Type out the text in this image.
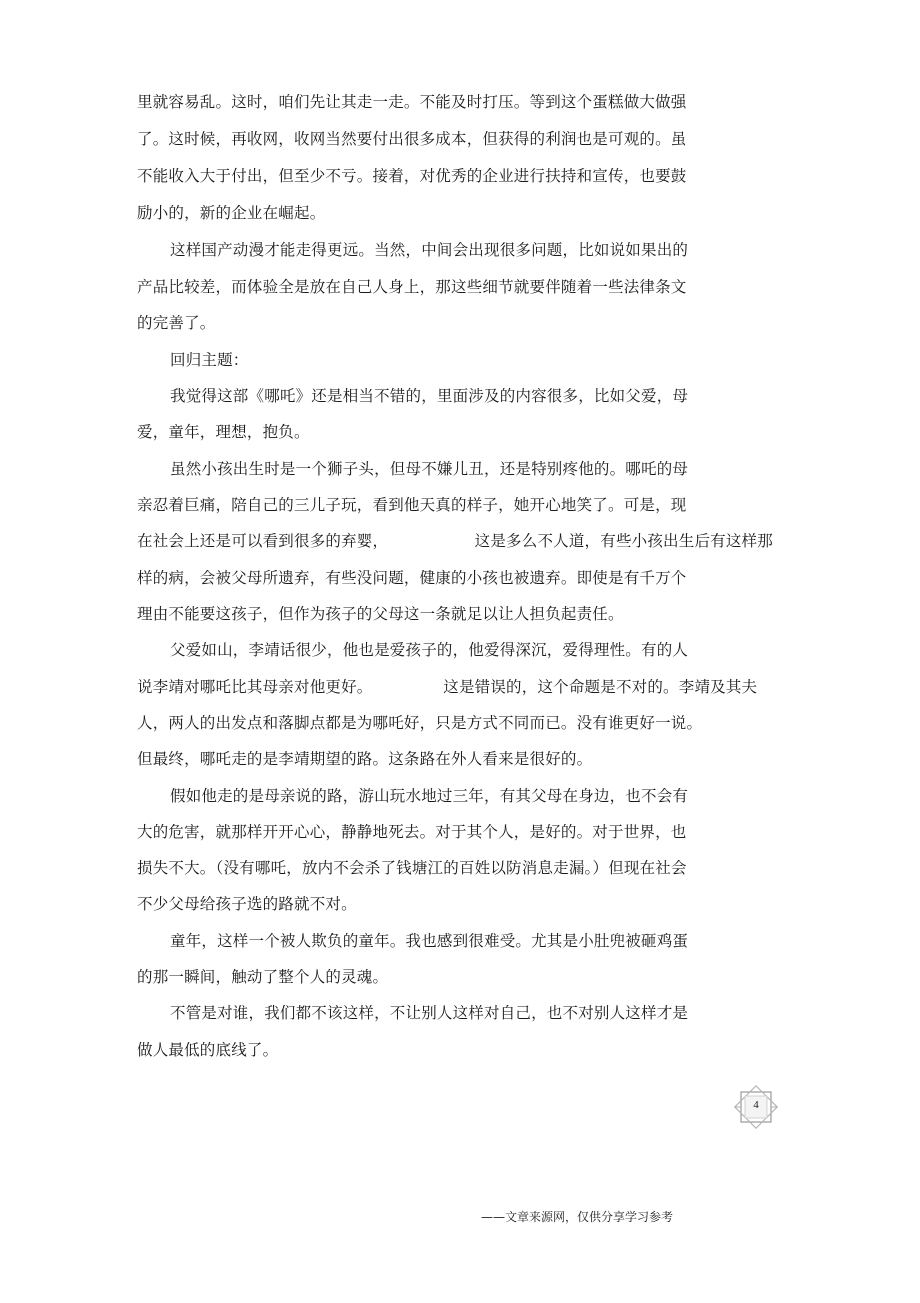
里就容易乱。这时，咱们先让其走一走。不能及时打压。等到这个蛋糕做大做强
了。这时候，再收网，收网当然要付出很多成本，但获得的利润也是可观的。虽
不能收入大于付出，但至少不亏。接着，对优秀的企业进行扶持和宣传，也要鼓
励小的，新的企业在崛起。
这样国产动漫才能走得更远。当然，中间会出现很多问题，比如说如果出的
产品比较差，而体验全是放在自己人身上，那这些细节就要伴随着一些法律条文
的完善了。
回归主题：
我觉得这部《哪吒》还是相当不错的，里面涉及的内容很多，比如父爱，母
爱，童年，理想，抱负。
虽然小孩出生时是一个狮子头，但母不嫌儿丑，还是特别疼他的。哪吒的母
亲忍着巨痛，陪自己的三儿子玩，看到他天真的样子，她开心地笑了。可是，现
在社会上还是可以看到很多的弃婴，　　　　　　这是多么不人道，有些小孩出生后有这样那
样的病，会被父母所遗弃，有些没问题，健康的小孩也被遗弃。即使是有千万个
理由不能要这孩子，但作为孩子的父母这一条就足以让人担负起责任。
父爱如山，李靖话很少，他也是爱孩子的，他爱得深沉，爱得理性。有的人
说李靖对哪吒比其母亲对他更好。　　　　　这是错误的，这个命题是不对的。李靖及其夫
人，两人的出发点和落脚点都是为哪吒好，只是方式不同而已。没有谁更好一说。
但最终，哪吒走的是李靖期望的路。这条路在外人看来是很好的。
假如他走的是母亲说的路，游山玩水地过三年，有其父母在身边，也不会有
大的危害，就那样开开心心，静静地死去。对于其个人，是好的。对于世界，也
损失不大。（没有哪吒，放内不会杀了钱塘江的百姓以防消息走漏。）但现在社会
不少父母给孩子选的路就不对。
童年，这样一个被人欺负的童年。我也感到很难受。尤其是小肚兜被砸鸡蛋
的那一瞬间，触动了整个人的灵魂。
不管是对谁，我们都不该这样，不让别人这样对自己，也不对别人这样才是
做人最低的底线了。
4
——文章来源网，仅供分享学习参考
